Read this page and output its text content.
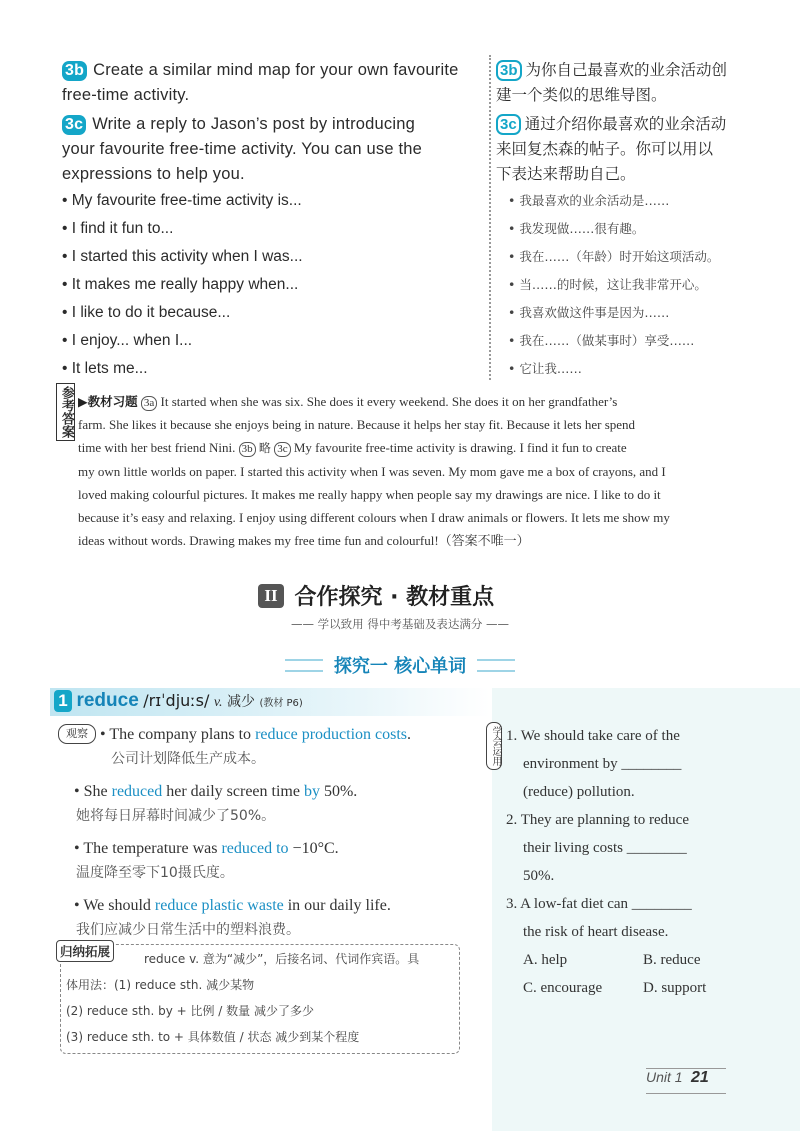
3b Create a similar mind map for your own favourite
free-time activity.
3c Write a reply to Jason’s post by introducing
your favourite free-time activity. You can use the
expressions to help you.
• My favourite free-time activity is...
• I find it fun to...
• I started this activity when I was...
• It makes me really happy when...
• I like to do it because...
• I enjoy... when I...
• It lets me...
3b 为你自己最喜欢的业余活动创
建一个类似的思维导图。
3c 通过介绍你最喜欢的业余活动
来回复杰森的帖子。你可以用以
下表达来帮助自己。
• 我最喜欢的业余活动是……
• 我发现做……很有趣。
• 我在……（年龄）时开始这项活动。
• 当……的时候，这让我非常开心。
• 我喜欢做这件事是因为……
• 我在……（做某事时）享受……
• 它让我……
参考答案 ▶教材习题 3a It started when she was six. She does it every weekend. She does it on her grandfather’s
farm. She likes it because she enjoys being in nature. Because it helps her stay fit. Because it lets her spend
time with her best friend Nini. 3b 略 3c My favourite free-time activity is drawing. I find it fun to create
my own little worlds on paper. I started this activity when I was seven. My mom gave me a box of crayons, and I
loved making colourful pictures. It makes me really happy when people say my drawings are nice. I like to do it
because it’s easy and relaxing. I enjoy using different colours when I draw animals or flowers. It lets me show my
ideas without words. Drawing makes my free time fun and colourful!（答案不唯一）
II 合作探究 · 教材重点
—— 学以致用 得中考基础及表达满分 ——
探究一 核心单词
1 reduce /rɪˈdjuːs/ v. 减少 (教材 P6)
观察 • The company plans to reduce production costs.
公司计划降低生产成本。
• She reduced her daily screen time by 50%.
她将每日屏幕时间减少了50%。
• The temperature was reduced to −10°C.
温度降至零下10摄氏度。
• We should reduce plastic waste in our daily life.
我们应减少日常生活中的塑料浪费。
归纳拓展	reduce v. 意为“减少”，后接名词、代词作宾语。具
体用法：(1) reduce sth. 减少某物
(2) reduce sth. by + 比例 / 数量 减少了多少
(3) reduce sth. to + 具体数值 / 状态 减少到某个程度
学会运用 1. We should take care of the
environment by ________
(reduce) pollution.
2. They are planning to reduce
their living costs ________
50%.
3. A low-fat diet can ________
the risk of heart disease.
A. help	B. reduce
C. encourage	D. support
Unit 1 21
